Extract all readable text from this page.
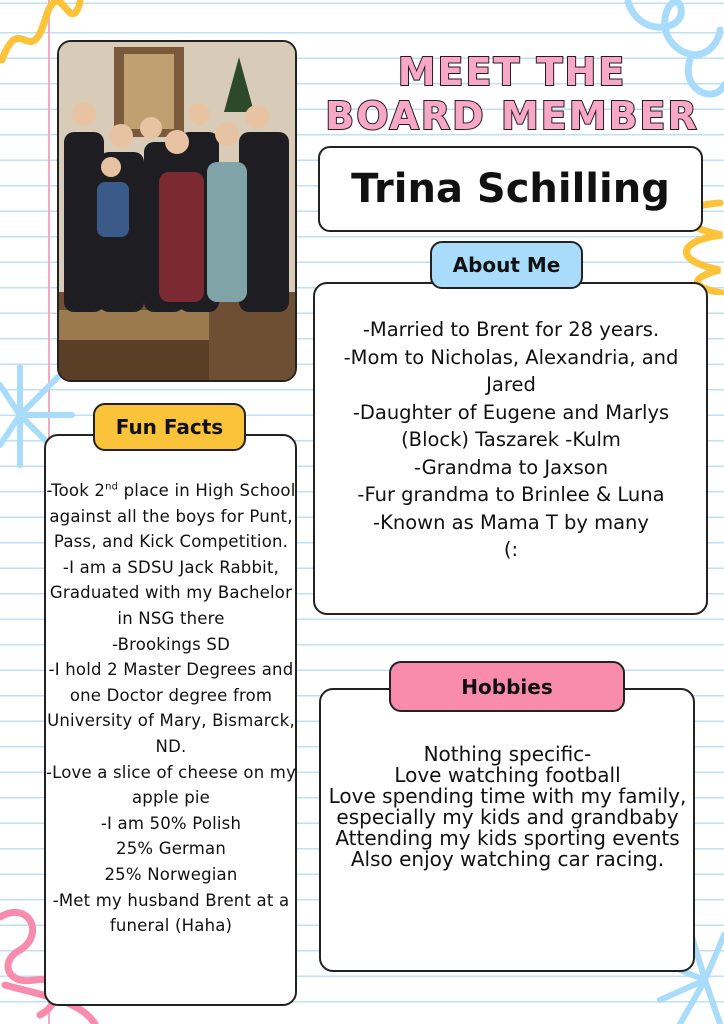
MEET THE
BOARD MEMBER
Trina Schilling
About Me

-Married to Brent for 28 years.

-Mom to Nicholas, Alexandria, and Jared

-Daughter of Eugene and Marlys (Block) Taszarek -Kulm

-Grandma to Jaxson

-Fur grandma to Brinlee & Luna

-Known as Mama T by many

(:

Fun Facts

-Took 2nd place in High School against all the boys for Punt, Pass, and Kick Competition.

-I am a SDSU Jack Rabbit, Graduated with my Bachelor in NSG there

-Brookings SD

-I hold 2 Master Degrees and one Doctor degree from University of Mary, Bismarck, ND.

-Love a slice of cheese on my apple pie

-I am 50% Polish

25% German

25% Norwegian

-Met my husband Brent at a funeral (Haha)

Hobbies

Nothing specific-

Love watching football

Love spending time with my family, especially my kids and grandbaby

Attending my kids sporting events

Also enjoy watching car racing.
